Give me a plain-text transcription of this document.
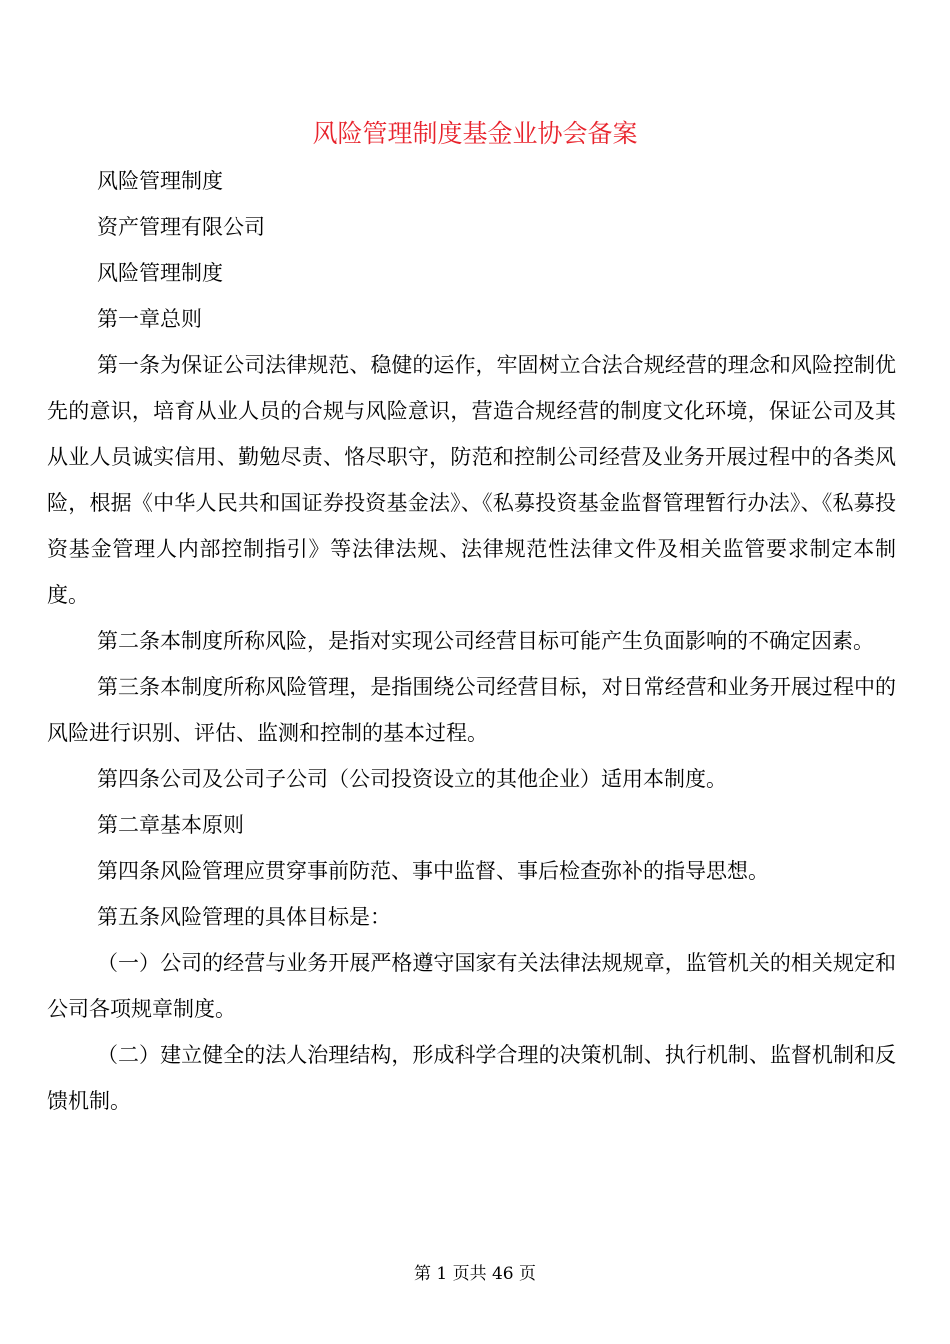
风险管理制度基金业协会备案

风险管理制度

资产管理有限公司

风险管理制度

第一章总则

第一条为保证公司法律规范、稳健的运作，牢固树立合法合规经营的理念和风险控制优先的意识，培育从业人员的合规与风险意识，营造合规经营的制度文化环境，保证公司及其从业人员诚实信用、勤勉尽责、恪尽职守，防范和控制公司经营及业务开展过程中的各类风险，根据《中华人民共和国证券投资基金法》、《私募投资基金监督管理暂行办法》、《私募投资基金管理人内部控制指引》等法律法规、法律规范性法律文件及相关监管要求制定本制度。

第二条本制度所称风险，是指对实现公司经营目标可能产生负面影响的不确定因素。

第三条本制度所称风险管理，是指围绕公司经营目标，对日常经营和业务开展过程中的风险进行识别、评估、监测和控制的基本过程。

第四条公司及公司子公司（公司投资设立的其他企业）适用本制度。

第二章基本原则

第四条风险管理应贯穿事前防范、事中监督、事后检查弥补的指导思想。

第五条风险管理的具体目标是：

（一）公司的经营与业务开展严格遵守国家有关法律法规规章，监管机关的相关规定和公司各项规章制度。

（二）建立健全的法人治理结构，形成科学合理的决策机制、执行机制、监督机制和反馈机制。

第 1 页共 46 页
